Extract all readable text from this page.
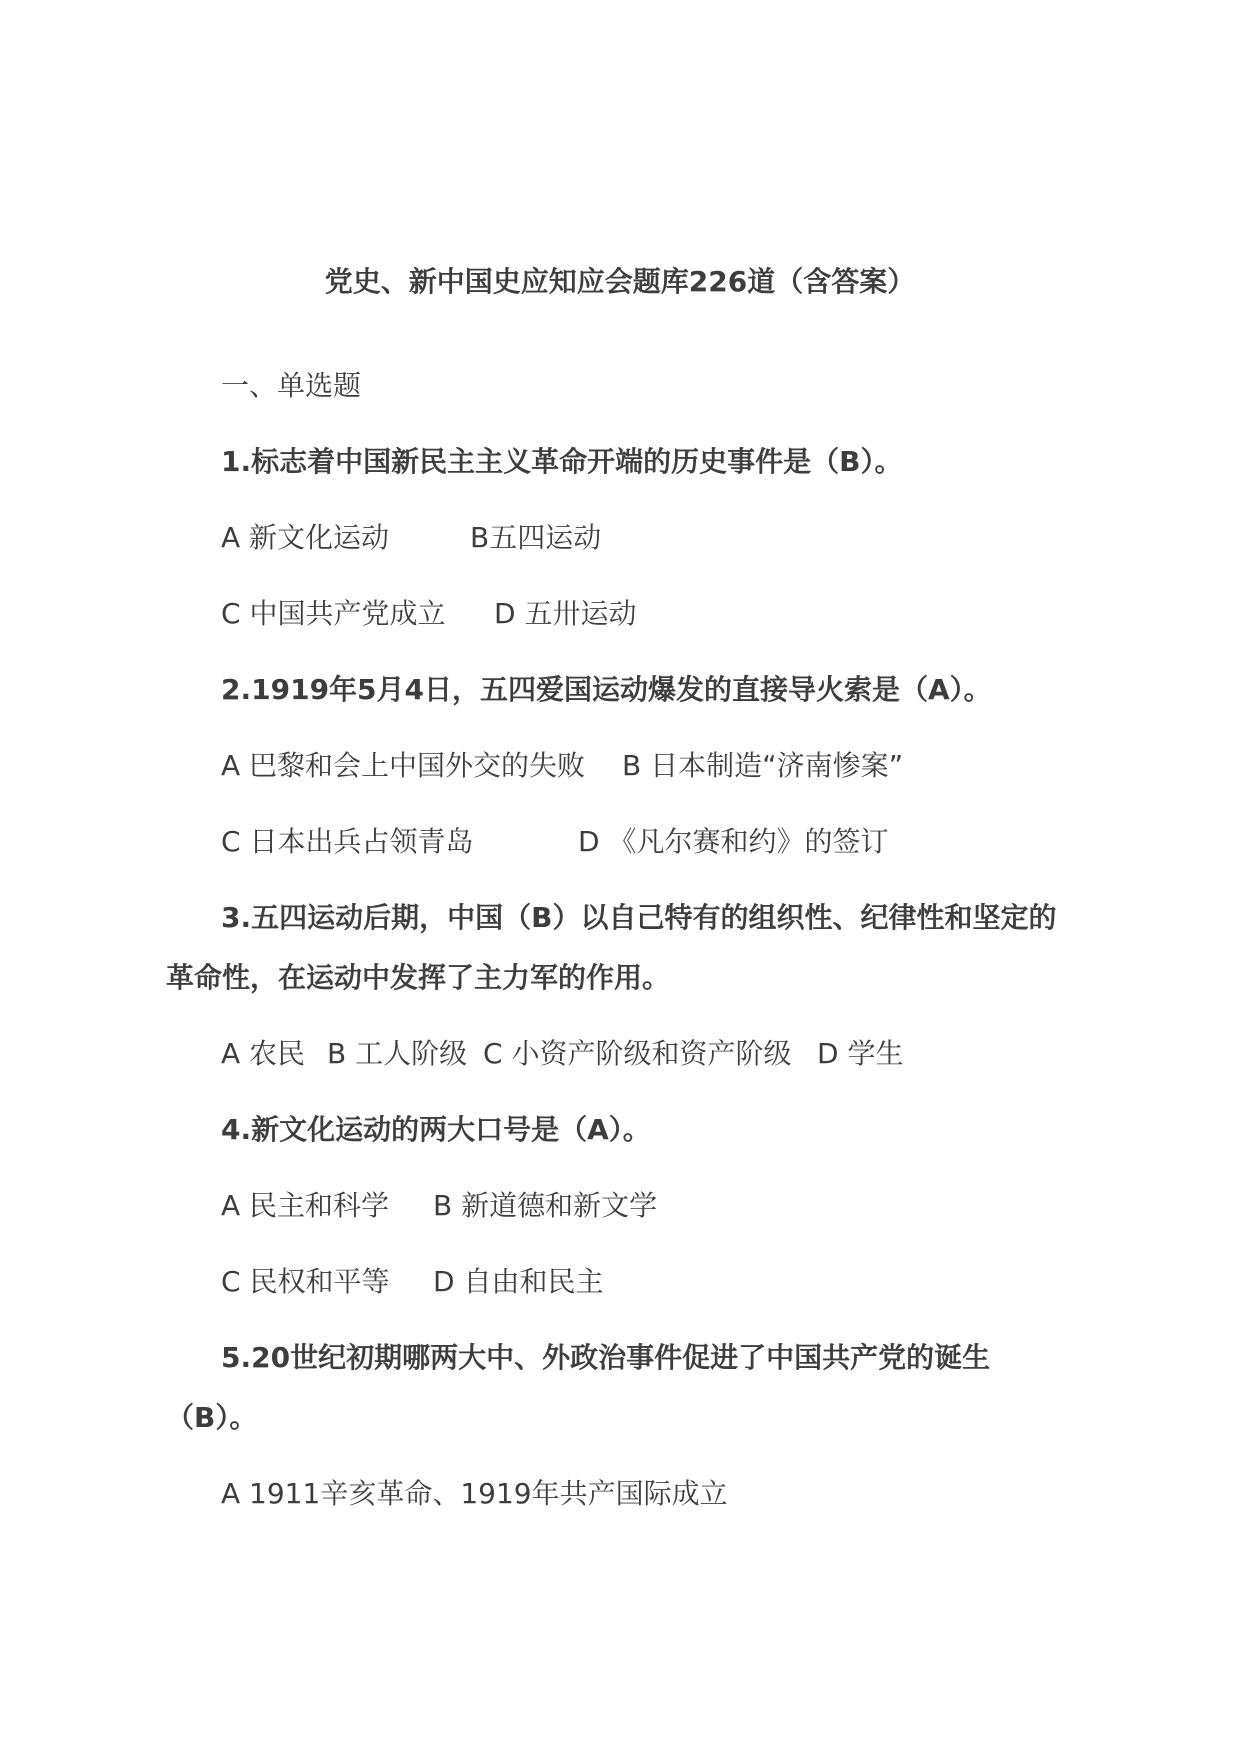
党史、新中国史应知应会题库226道（含答案）
一、单选题
1.标志着中国新民主主义革命开端的历史事件是（B）。
A 新文化运动	B五四运动
C 中国共产党成立 D 五卅运动
2.1919年5月4日，五四爱国运动爆发的直接导火索是（A）。
A 巴黎和会上中国外交的失败 B 日本制造“济南惨案”
C 日本出兵占领青岛	D 《凡尔赛和约》的签订
3.五四运动后期，中国（B）以自己特有的组织性、纪律性和坚定的
革命性，在运动中发挥了主力军的作用。
A 农民 B 工人阶级 C 小资产阶级和资产阶级 D 学生
4.新文化运动的两大口号是（A）。
A 民主和科学 B 新道德和新文学
C 民权和平等 D 自由和民主
5.20世纪初期哪两大中、外政治事件促进了中国共产党的诞生
（B）。
A 1911辛亥革命、1919年共产国际成立
